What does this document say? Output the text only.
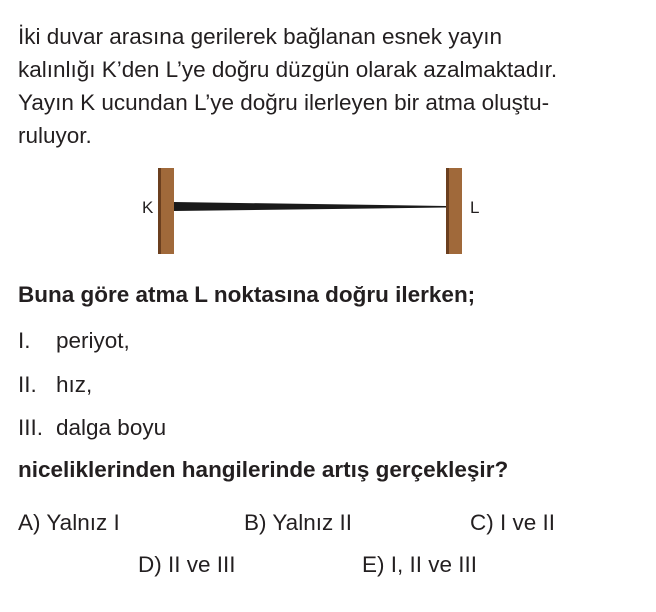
İki duvar arasına gerilerek bağlanan esnek yayın
kalınlığı K’den L’ye doğru düzgün olarak azalmaktadır.
Yayın K ucundan L’ye doğru ilerleyen bir atma oluştu-
ruluyor.
K	L

Buna göre atma L noktasına doğru ilerken;

I. periyot,
II. hız,
III. dalga boyu

niceliklerinden hangilerinde artış gerçekleşir?

A) Yalnız I	B) Yalnız II	C) I ve II
D) II ve III	E) I, II ve III
